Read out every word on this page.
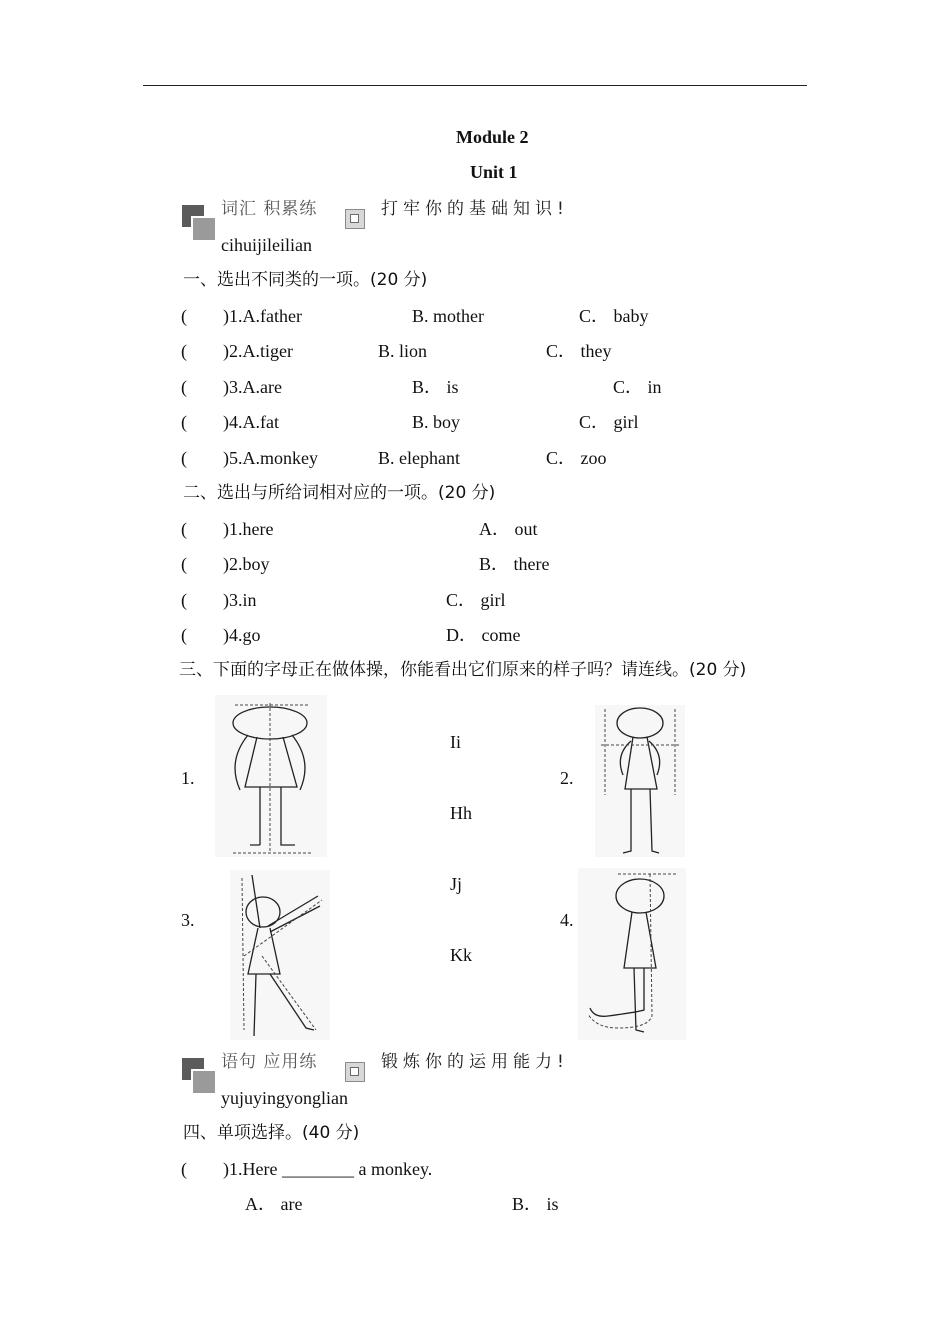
Module 2
Unit 1
词汇 积累练	打牢你的基础知识!
cihuijileilian
一、选出不同类的一项。(20 分)
(　　)1.A.father	B. mother	C． baby
(　　)2.A.tiger	B. lion	C． they
(　　)3.A.are	B． is	C． in
(　　)4.A.fat	B. boy	C． girl
(　　)5.A.monkey	B. elephant	C． zoo
二、选出与所给词相对应的一项。(20 分)
(　　)1.here	A． out
(　　)2.boy	B． there
(　　)3.in	C． girl
(　　)4.go	D． come
三、下面的字母正在做体操，你能看出它们原来的样子吗？请连线。(20 分)
1.	2.
3.	4.
Ii
Hh
Jj
Kk
语句 应用练	锻炼你的运用能力!
yujuyingyonglian
四、单项选择。(40 分)
(　　)1.Here ________ a monkey.
A． are	B． is
